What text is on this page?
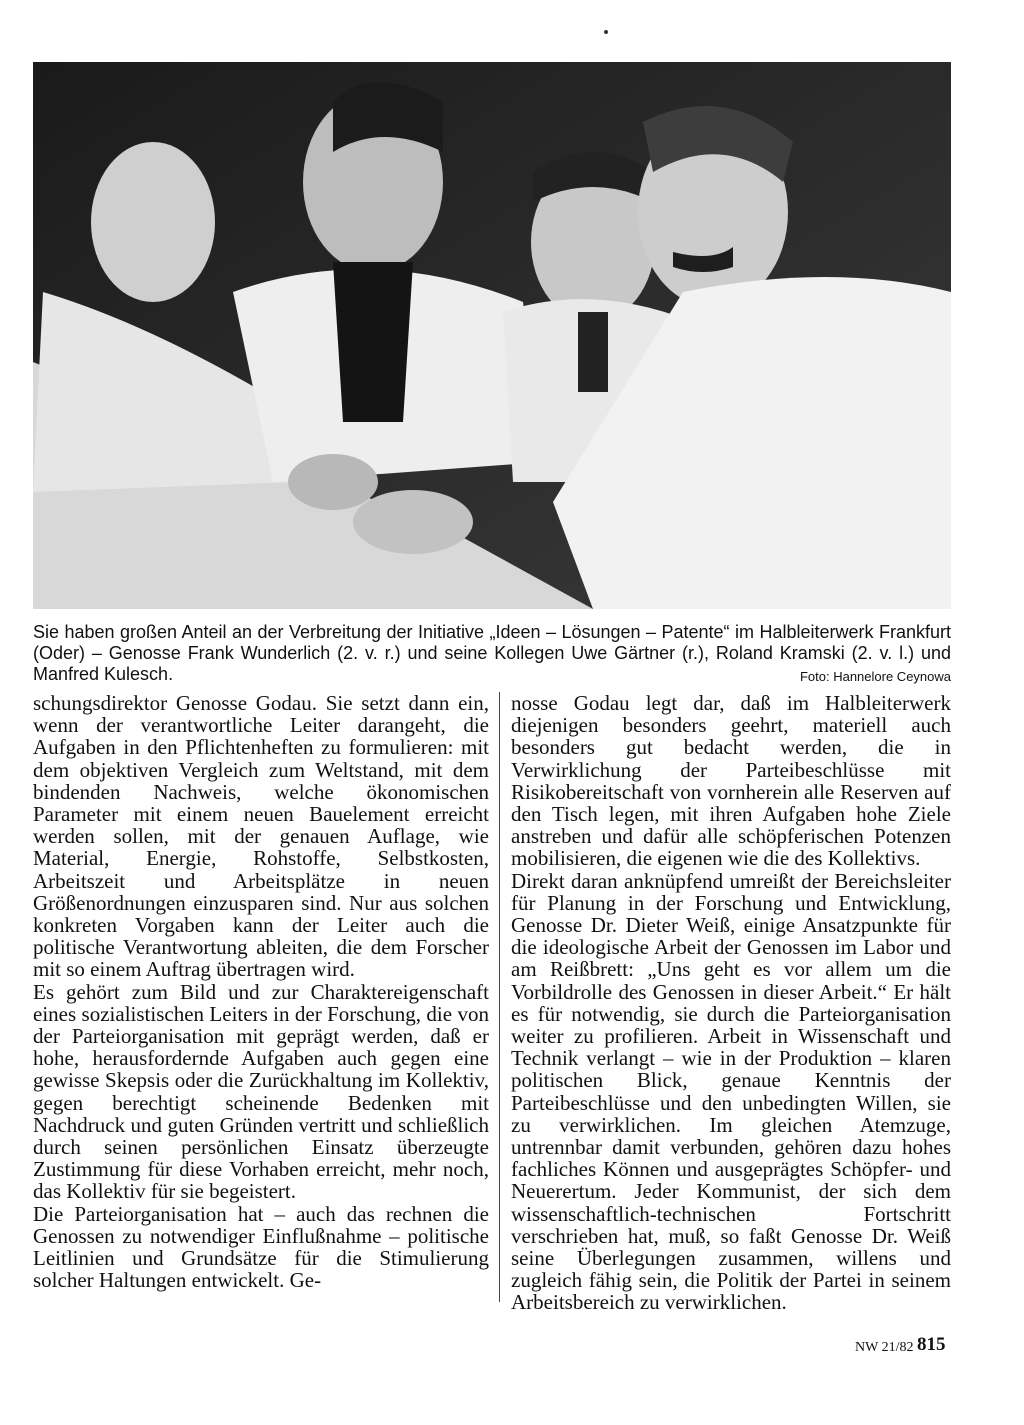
Sie haben großen Anteil an der Verbreitung der Initiative „Ideen – Lösungen – Patente“ im Halbleiterwerk Frankfurt (Oder) – Genosse Frank Wunderlich (2. v. r.) und seine Kollegen Uwe Gärtner (r.), Roland Kramski (2. v. l.) und Manfred Kulesch.	Foto: Hannelore Ceynowa

schungsdirektor Genosse Godau. Sie setzt dann ein, wenn der verantwortliche Leiter darangeht, die Aufgaben in den Pflichtenheften zu formulieren: mit dem objektiven Vergleich zum Weltstand, mit dem bindenden Nachweis, welche ökonomischen Parameter mit einem neuen Bauelement erreicht werden sollen, mit der genauen Auflage, wie Material, Energie, Rohstoffe, Selbstkosten, Arbeitszeit und Arbeitsplätze in neuen Größenordnungen einzusparen sind. Nur aus solchen konkreten Vorgaben kann der Leiter auch die politische Verantwortung ableiten, die dem Forscher mit so einem Auftrag übertragen wird.

Es gehört zum Bild und zur Charaktereigenschaft eines sozialistischen Leiters in der Forschung, die von der Parteiorganisation mit geprägt werden, daß er hohe, herausfordernde Aufgaben auch gegen eine gewisse Skepsis oder die Zurückhaltung im Kollektiv, gegen berechtigt scheinende Bedenken mit Nachdruck und guten Gründen vertritt und schließlich durch seinen persönlichen Einsatz überzeugte Zustimmung für diese Vorhaben erreicht, mehr noch, das Kollektiv für sie begeistert.

Die Parteiorganisation hat – auch das rechnen die Genossen zu notwendiger Einflußnahme – politische Leitlinien und Grundsätze für die Stimulierung solcher Haltungen entwickelt. Ge-

nosse Godau legt dar, daß im Halbleiterwerk diejenigen besonders geehrt, materiell auch besonders gut bedacht werden, die in Verwirklichung der Parteibeschlüsse mit Risikobereitschaft von vornherein alle Reserven auf den Tisch legen, mit ihren Aufgaben hohe Ziele anstreben und dafür alle schöpferischen Potenzen mobilisieren, die eigenen wie die des Kollektivs.

Direkt daran anknüpfend umreißt der Bereichsleiter für Planung in der Forschung und Entwicklung, Genosse Dr. Dieter Weiß, einige Ansatzpunkte für die ideologische Arbeit der Genossen im Labor und am Reißbrett: „Uns geht es vor allem um die Vorbildrolle des Genossen in dieser Arbeit.“ Er hält es für notwendig, sie durch die Parteiorganisation weiter zu profilieren. Arbeit in Wissenschaft und Technik verlangt – wie in der Produktion – klaren politischen Blick, genaue Kenntnis der Parteibeschlüsse und den unbedingten Willen, sie zu verwirklichen. Im gleichen Atemzuge, untrennbar damit verbunden, gehören dazu hohes fachliches Können und ausgeprägtes Schöpfer- und Neuerertum. Jeder Kommunist, der sich dem wissenschaftlich-technischen Fortschritt verschrieben hat, muß, so faßt Genosse Dr. Weiß seine Überlegungen zusammen, willens und zugleich fähig sein, die Politik der Partei in seinem Arbeitsbereich zu verwirklichen.

NW 21/82 815
